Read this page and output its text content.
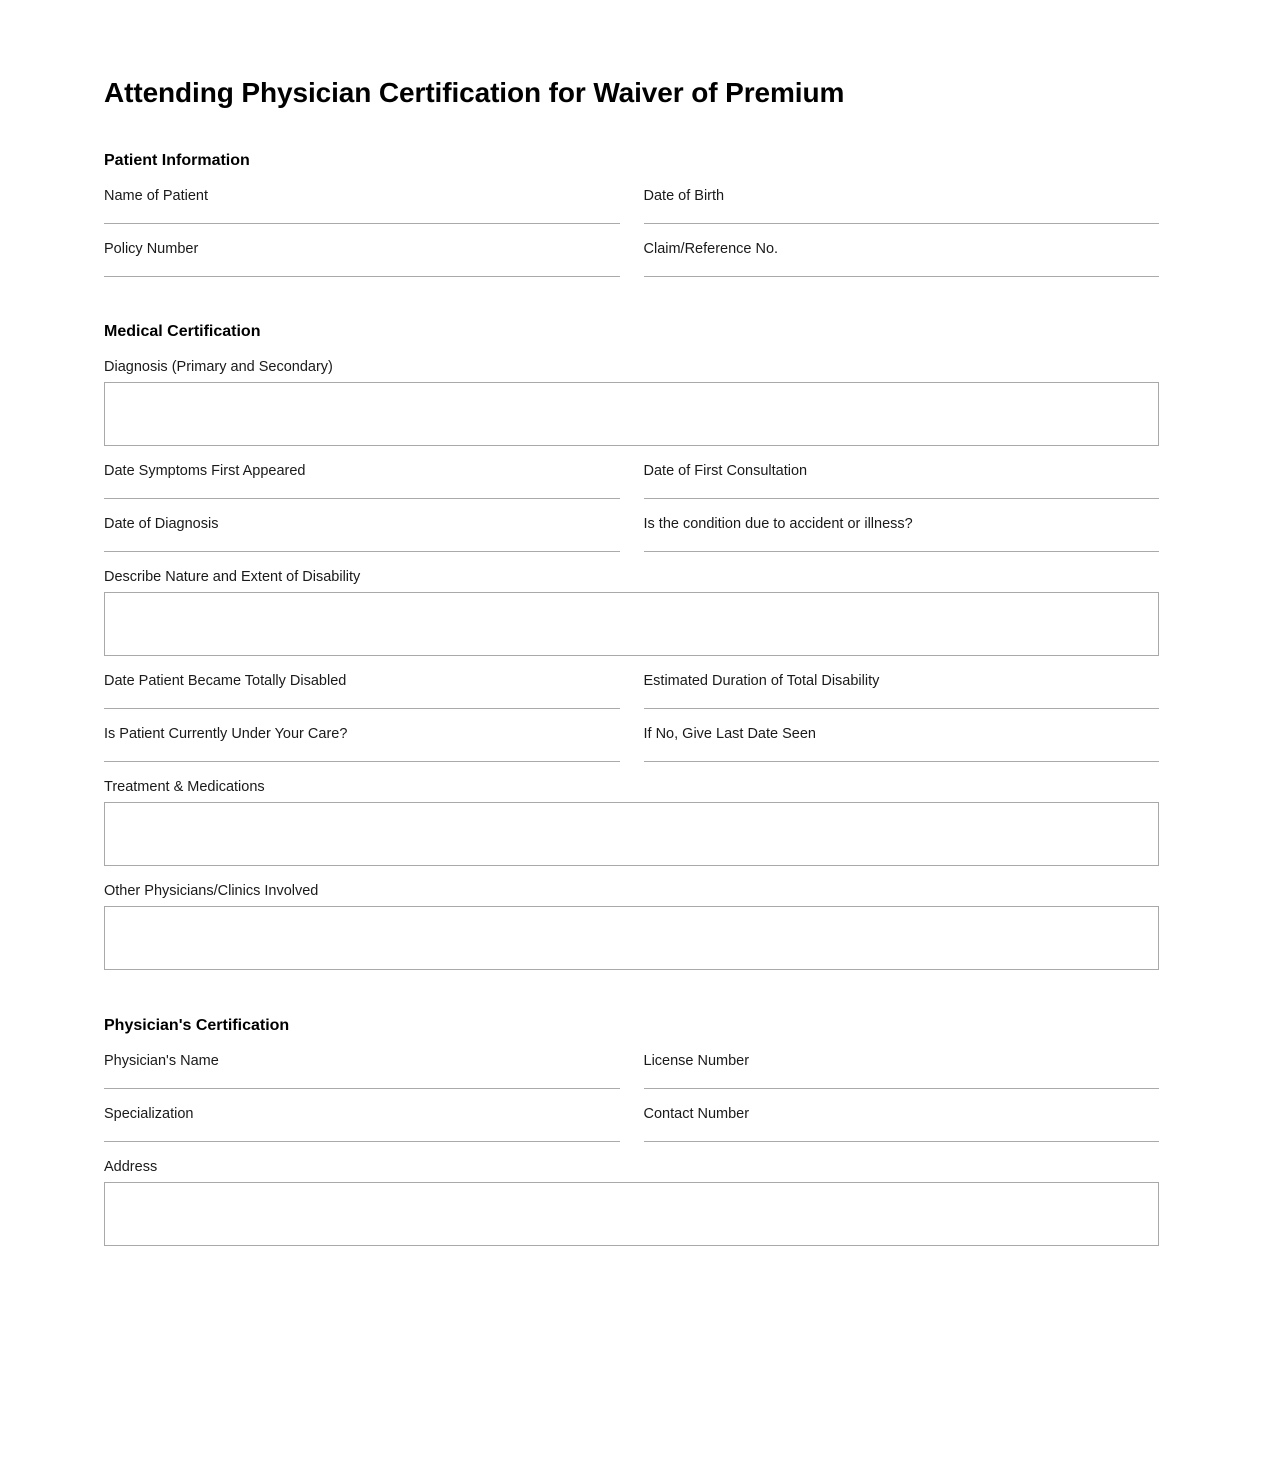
Attending Physician Certification for Waiver of Premium
Patient Information
Name of Patient	Date of Birth
Policy Number	Claim/Reference No.
Medical Certification
Diagnosis (Primary and Secondary)
Date Symptoms First Appeared	Date of First Consultation
Date of Diagnosis	Is the condition due to accident or illness?
Describe Nature and Extent of Disability
Date Patient Became Totally Disabled	Estimated Duration of Total Disability
Is Patient Currently Under Your Care?	If No, Give Last Date Seen
Treatment & Medications
Other Physicians/Clinics Involved
Physician's Certification
Physician's Name	License Number
Specialization	Contact Number
Address
